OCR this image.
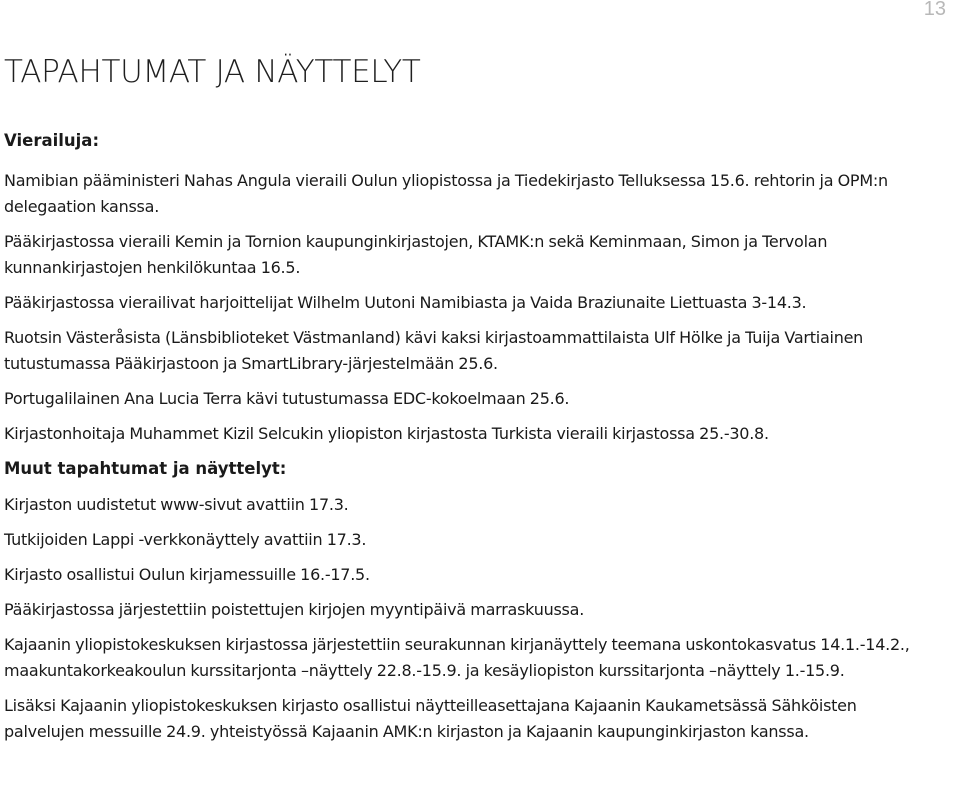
13
TAPAHTUMAT JA NÄYTTELYT
Vierailuja:

Namibian pääministeri Nahas Angula vieraili Oulun yliopistossa ja Tiedekirjasto Telluksessa 15.6. rehtorin ja OPM:n delegaation kanssa.

Pääkirjastossa vieraili Kemin ja Tornion kaupunginkirjastojen, KTAMK:n sekä Keminmaan, Simon ja Tervolan kunnankirjastojen henkilökuntaa 16.5.

Pääkirjastossa vierailivat harjoittelijat Wilhelm Uutoni Namibiasta ja Vaida Braziunaite Liettuasta 3-14.3.

Ruotsin Västeråsista (Länsbiblioteket Västmanland) kävi kaksi kirjastoammattilaista Ulf Hölke ja Tuija Vartiainen tutustumassa Pääkirjastoon ja SmartLibrary-järjestelmään 25.6.

Portugalilainen Ana Lucia Terra kävi tutustumassa EDC-kokoelmaan 25.6.

Kirjastonhoitaja Muhammet Kizil Selcukin yliopiston kirjastosta Turkista vieraili kirjastossa 25.-30.8.

Muut tapahtumat ja näyttelyt:

Kirjaston uudistetut www-sivut avattiin 17.3.

Tutkijoiden Lappi -verkkonäyttely avattiin 17.3.

Kirjasto osallistui Oulun kirjamessuille 16.-17.5.

Pääkirjastossa järjestettiin poistettujen kirjojen myyntipäivä marraskuussa.

Kajaanin yliopistokeskuksen kirjastossa järjestettiin seurakunnan kirjanäyttely teemana uskontokasvatus 14.1.-14.2., maakuntakorkeakoulun kurssitarjonta –näyttely 22.8.-15.9. ja kesäyliopiston kurssitarjonta –näyttely 1.-15.9.

Lisäksi Kajaanin yliopistokeskuksen kirjasto osallistui näytteilleasettajana Kajaanin Kaukametsässä Sähköisten palvelujen messuille 24.9. yhteistyössä Kajaanin AMK:n kirjaston ja Kajaanin kaupunginkirjaston kanssa.
